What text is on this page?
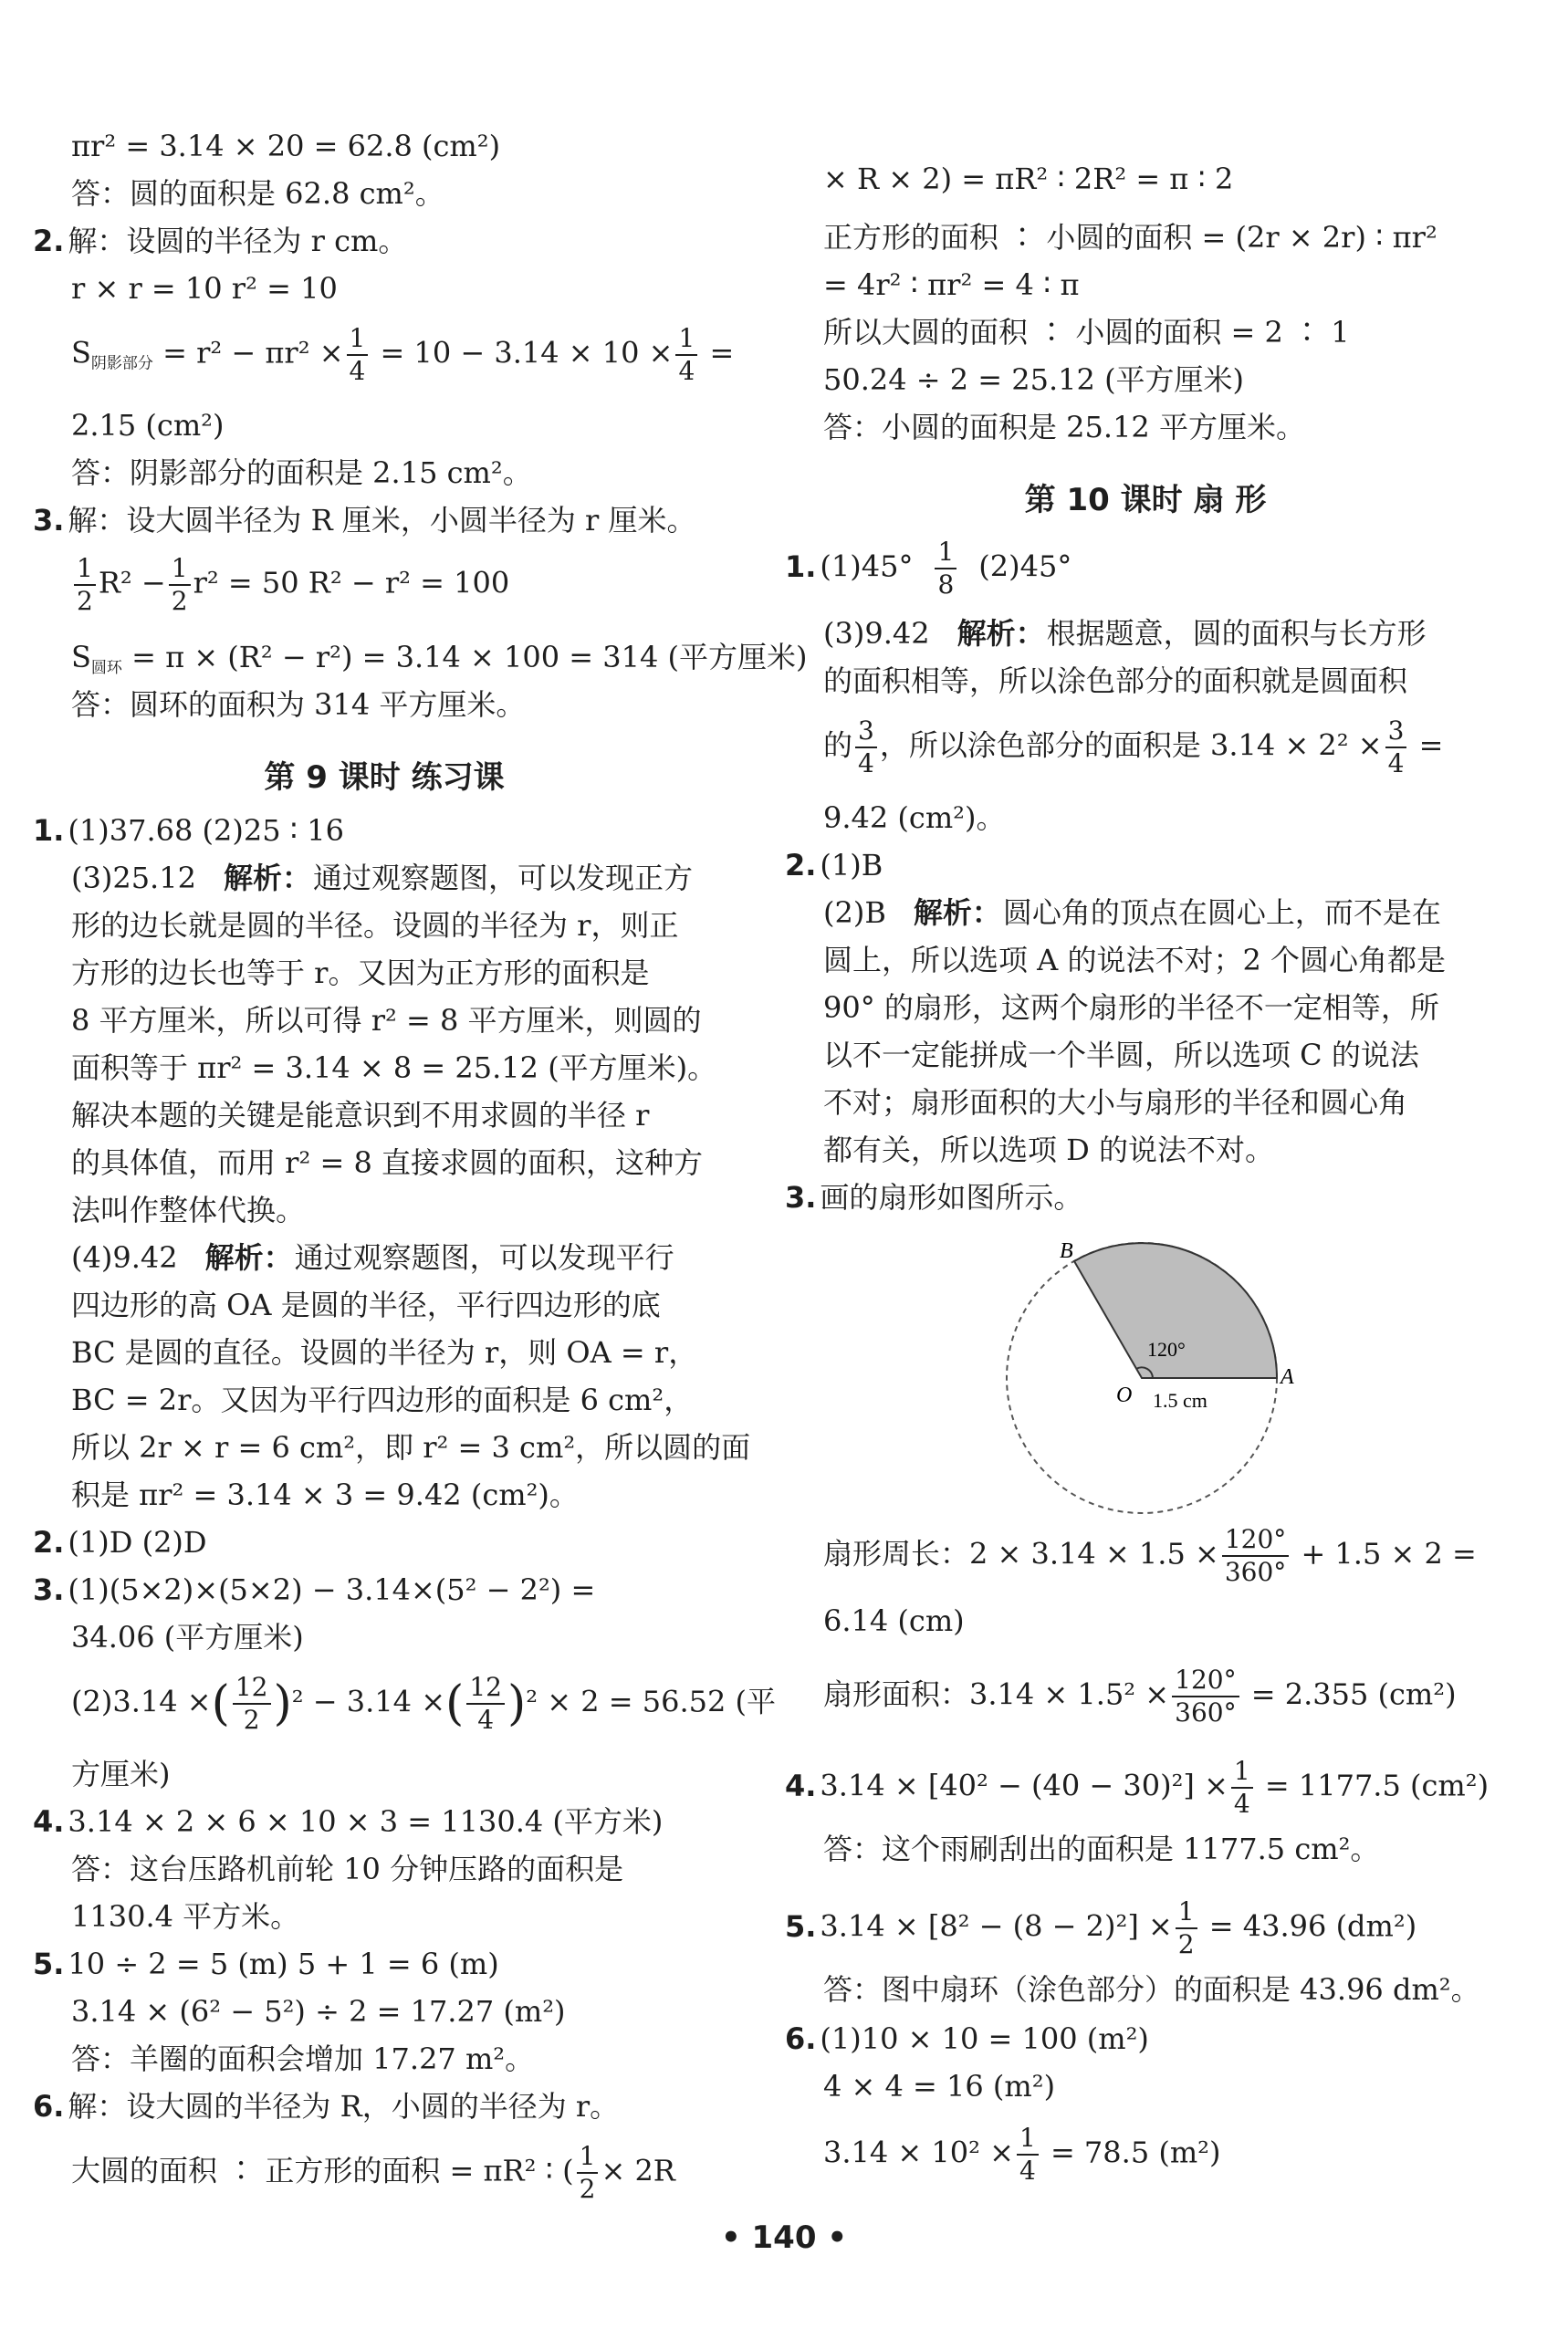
πr² = 3.14 × 20 = 62.8 (cm²)
答：圆的面积是 62.8 cm²。
2. 解：设圆的半径为 r cm。
r × r = 10 r² = 10
$S_{阴影部分} = r^2 - \pi r^2 \times \frac{1}{4} = 10 - 3.14 \times 10 \times \frac{1}{4}$ =
2.15 (cm²)
答：阴影部分的面积是 2.15 cm²。
3. 解：设大圆半径为 R 厘米，小圆半径为 r 厘米。
$\frac{1}{2} R^2 - \frac{1}{2} r^2 = 50$ R² − r² = 100
$S_{圆环} = \pi \times (R^2 - r^2) = 3.14 \times 100 = 314$ (平方厘米)
答：圆环的面积为 314 平方厘米。
第 9 课时 练习课
1. (1)37.68 (2)25 ∶ 16
(3)25.12 解析：通过观察题图，可以发现正方
形的边长就是圆的半径。设圆的半径为 r，则正
方形的边长也等于 r。又因为正方形的面积是
8 平方厘米，所以可得 r² = 8 平方厘米，则圆的
面积等于 πr² = 3.14 × 8 = 25.12 (平方厘米)。
解决本题的关键是能意识到不用求圆的半径 r
的具体值，而用 r² = 8 直接求圆的面积，这种方
法叫作整体代换。
(4)9.42 解析：通过观察题图，可以发现平行
四边形的高 OA 是圆的半径，平行四边形的底
BC 是圆的直径。设圆的半径为 r，则 OA = r，
BC = 2r。又因为平行四边形的面积是 6 cm²，
所以 2r × r = 6 cm²，即 r² = 3 cm²，所以圆的面
积是 πr² = 3.14 × 3 = 9.42 (cm²)。
2. (1)D (2)D
3. (1)(5×2)×(5×2) − 3.14×(5² − 2²) =
34.06 (平方厘米)
(2)3.14 ×( $\frac{12}{2} )^2 - 3.14$ ×( $\frac{12}{4} )^2 \times 2 = 56.52$ (平
方厘米)
4. 3.14 × 2 × 6 × 10 × 3 = 1130.4 (平方米)
答：这台压路机前轮 10 分钟压路的面积是
1130.4 平方米。
5. 10 ÷ 2 = 5 (m) 5 + 1 = 6 (m)
3.14 × (6² − 5²) ÷ 2 = 17.27 (m²)
答：羊圈的面积会增加 17.27 m²。
6. 解：设大圆的半径为 R，小圆的半径为 r。
大圆的面积 ∶ 正方形的面积 = πR² ∶ ( $\frac{1}{2} \times 2R$
× R × 2) = πR² ∶ 2R² = π ∶ 2
正方形的面积 ∶ 小圆的面积 = (2r × 2r) ∶ πr²
= 4r² ∶ πr² = 4 ∶ π
所以大圆的面积 ∶ 小圆的面积 = 2 ∶ 1
50.24 ÷ 2 = 25.12 (平方厘米)
答：小圆的面积是 25.12 平方厘米。
第 10 课时 扇 形
1. $(1)45^\circ \frac{1}{8} (2)45^\circ$
(3)9.42 解析：根据题意，圆的面积与长方形
的面积相等，所以涂色部分的面积就是圆面积
的 $\frac{3}{4}$ ，所以涂色部分的面积是 $3.14 \times 2^2 \times \frac{3}{4}$ =
9.42 (cm²)。
2. (1)B
(2)B 解析：圆心角的顶点在圆心上，而不是在
圆上，所以选项 A 的说法不对；2 个圆心角都是
90° 的扇形，这两个扇形的半径不一定相等，所
以不一定能拼成一个半圆，所以选项 C 的说法
不对；扇形面积的大小与扇形的半径和圆心角
都有关，所以选项 D 的说法不对。
3. 画的扇形如图所示。
B
A
O
120°
1.5 cm
扇形周长：$2 \times 3.14 \times 1.5 \times \frac{120^\circ}{360^\circ} + 1.5 \times 2$ =
6.14 (cm)
扇形面积：$3.14 \times 1.5^2 \times \frac{120^\circ}{360^\circ} = 2.355$ (cm²)
4. $3.14 \times [40^2 - (40 - 30)^2] \times \frac{1}{4} = 1177.5$ (cm²)
答：这个雨刷刮出的面积是 1177.5 cm²。
5. $3.14 \times [8^2 - (8 - 2)^2] \times \frac{1}{2} = 43.96$ (dm²)
答：图中扇环（涂色部分）的面积是 43.96 dm²。
6. (1)10 × 10 = 100 (m²)
4 × 4 = 16 (m²)
$3.14 \times 10^2 \times \frac{1}{4} = 78.5$ (m²)
• 140 •
